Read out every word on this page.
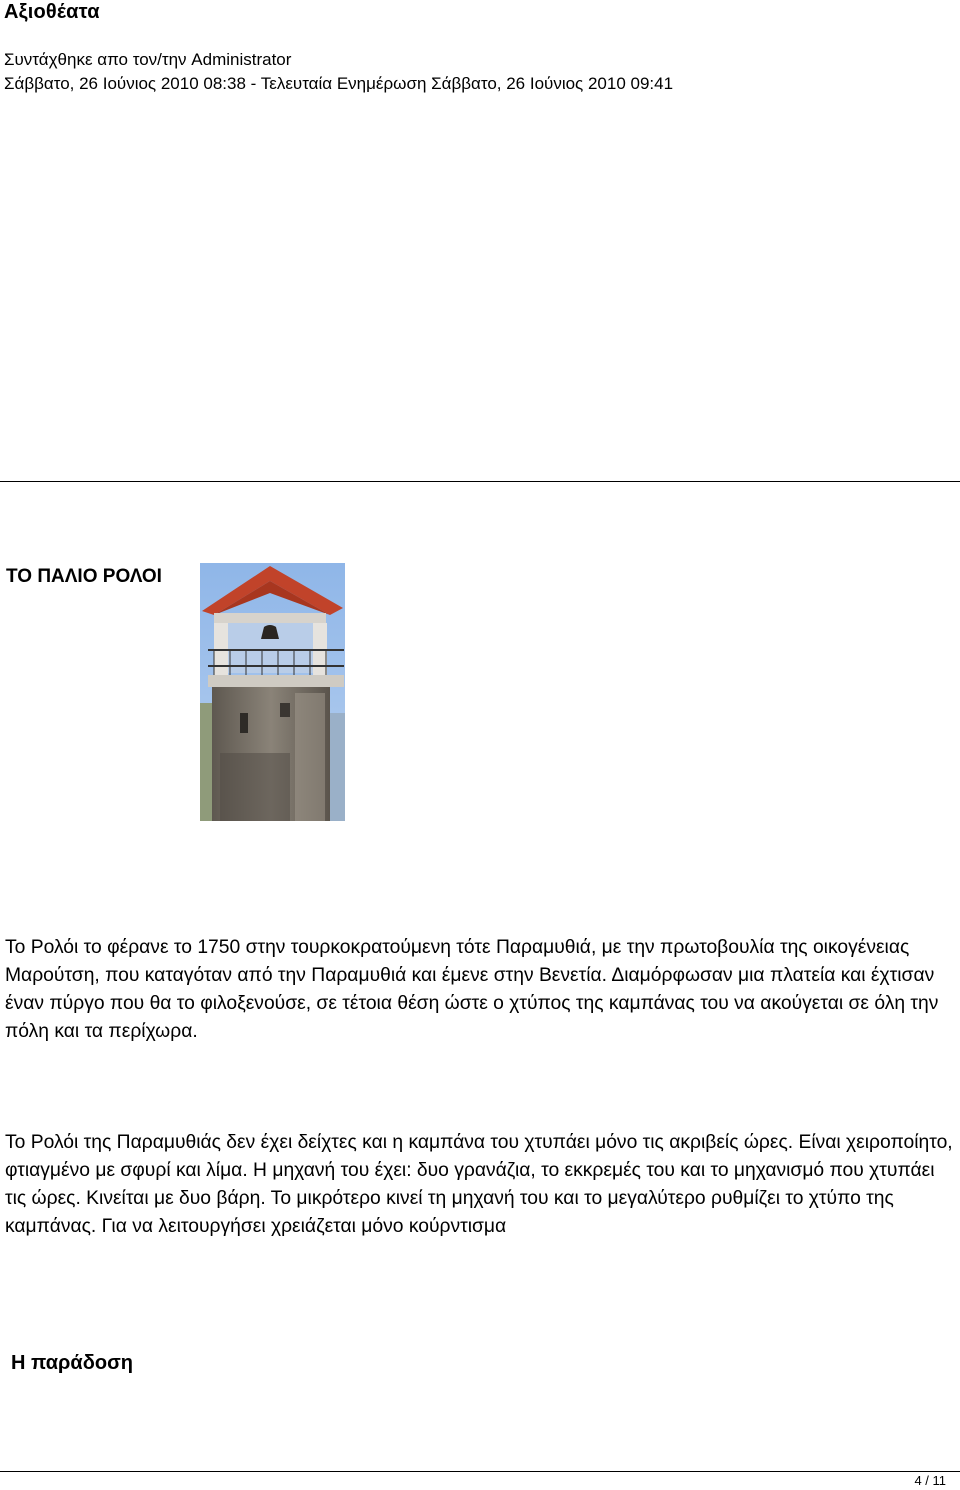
Αξιοθέατα
Συντάχθηκε απο τον/την Administrator
Σάββατο, 26 Ιούνιος 2010 08:38 - Τελευταία Ενημέρωση Σάββατο, 26 Ιούνιος 2010 09:41
ΤΟ ΠΑΛΙΟ ΡΟΛΟΙ
Το Ρολόι το φέρανε το 1750 στην τουρκοκρατούμενη τότε Παραμυθιά, με την πρωτοβουλία της οικογένειας Μαρούτση, που καταγόταν από την Παραμυθιά και έμενε στην Βενετία. Διαμόρφωσαν μια πλατεία και έχτισαν έναν πύργο που θα το φιλοξενούσε, σε τέτοια θέση ώστε ο χτύπος της καμπάνας του να ακούγεται σε όλη την πόλη και τα περίχωρα.
Το Ρολόι της Παραμυθιάς δεν έχει δείχτες και η καμπάνα του χτυπάει μόνο τις ακριβείς ώρες. Είναι χειροποίητο, φτιαγμένο με σφυρί και λίμα. Η μηχανή του έχει: δυο γρανάζια, το εκκρεμές του και το μηχανισμό που χτυπάει τις ώρες. Κινείται με δυο βάρη. Το μικρότερο κινεί τη μηχανή του και το μεγαλύτερο ρυθμίζει το χτύπο της καμπάνας. Για να λειτουργήσει χρειάζεται μόνο κούρντισμα
Η παράδοση
4 / 11
